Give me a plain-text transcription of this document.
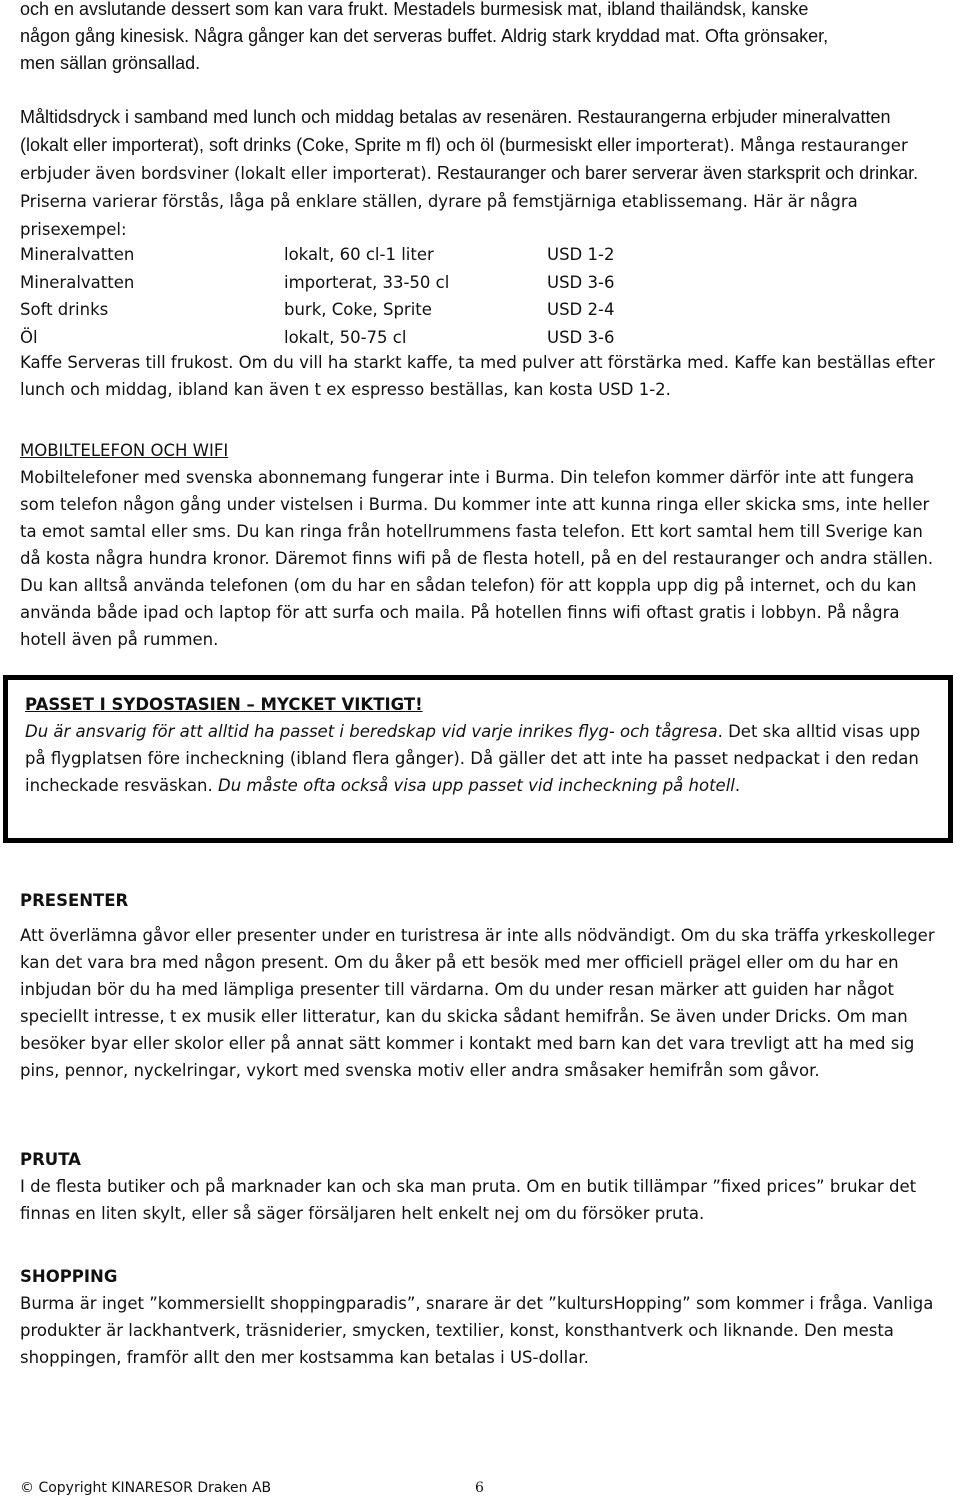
och en avslutande dessert som kan vara frukt. Mestadels burmesisk mat, ibland thailändsk, kanske

någon gång kinesisk. Några gånger kan det serveras buffet. Aldrig stark kryddad mat. Ofta grönsaker,

men sällan grönsallad.

Måltidsdryck i samband med lunch och middag betalas av resenären. Restaurangerna erbjuder mineralvatten (lokalt eller importerat), soft drinks (Coke, Sprite m fl) och öl (burmesiskt eller importerat). Många restauranger erbjuder även bordsviner (lokalt eller importerat). Restauranger och barer serverar även starksprit och drinkar. Priserna varierar förstås, låga på enklare ställen, dyrare på femstjärniga etablissemang. Här är några prisexempel:

Mineralvatten	lokalt, 60 cl-1 liter	USD 1-2
Mineralvatten	importerat, 33-50 cl	USD 3-6
Soft drinks	burk, Coke, Sprite	USD 2-4
Öl	lokalt, 50-75 cl	USD 3-6

Kaffe Serveras till frukost. Om du vill ha starkt kaffe, ta med pulver att förstärka med. Kaffe kan beställas efter lunch och middag, ibland kan även t ex espresso beställas, kan kosta USD 1-2.

MOBILTELEFON OCH WIFI

Mobiltelefoner med svenska abonnemang fungerar inte i Burma. Din telefon kommer därför inte att fungera som telefon någon gång under vistelsen i Burma. Du kommer inte att kunna ringa eller skicka sms, inte heller ta emot samtal eller sms. Du kan ringa från hotellrummens fasta telefon. Ett kort samtal hem till Sverige kan då kosta några hundra kronor. Däremot finns wifi på de flesta hotell, på en del restauranger och andra ställen. Du kan alltså använda telefonen (om du har en sådan telefon) för att koppla upp dig på internet, och du kan använda både ipad och laptop för att surfa och maila. På hotellen finns wifi oftast gratis i lobbyn. På några hotell även på rummen.

PASSET I SYDOSTASIEN – MYCKET VIKTIGT!

Du är ansvarig för att alltid ha passet i beredskap vid varje inrikes flyg- och tågresa. Det ska alltid visas upp på flygplatsen före incheckning (ibland flera gånger). Då gäller det att inte ha passet nedpackat i den redan incheckade resväskan. Du måste ofta också visa upp passet vid incheckning på hotell.

PRESENTER

Att överlämna gåvor eller presenter under en turistresa är inte alls nödvändigt. Om du ska träffa yrkeskolleger kan det vara bra med någon present. Om du åker på ett besök med mer officiell prägel eller om du har en inbjudan bör du ha med lämpliga presenter till värdarna. Om du under resan märker att guiden har något speciellt intresse, t ex musik eller litteratur, kan du skicka sådant hemifrån. Se även under Dricks. Om man besöker byar eller skolor eller på annat sätt kommer i kontakt med barn kan det vara trevligt att ha med sig pins, pennor, nyckelringar, vykort med svenska motiv eller andra småsaker hemifrån som gåvor.

PRUTA

I de flesta butiker och på marknader kan och ska man pruta. Om en butik tillämpar ”fixed prices” brukar det finnas en liten skylt, eller så säger försäljaren helt enkelt nej om du försöker pruta.

SHOPPING

Burma är inget ”kommersiellt shoppingparadis”, snarare är det ”kultursHopping” som kommer i fråga. Vanliga produkter är lackhantverk, träsniderier, smycken, textilier, konst, konsthantverk och liknande. Den mesta shoppingen, framför allt den mer kostsamma kan betalas i US-dollar.

© Copyright KINARESOR Draken AB	6
